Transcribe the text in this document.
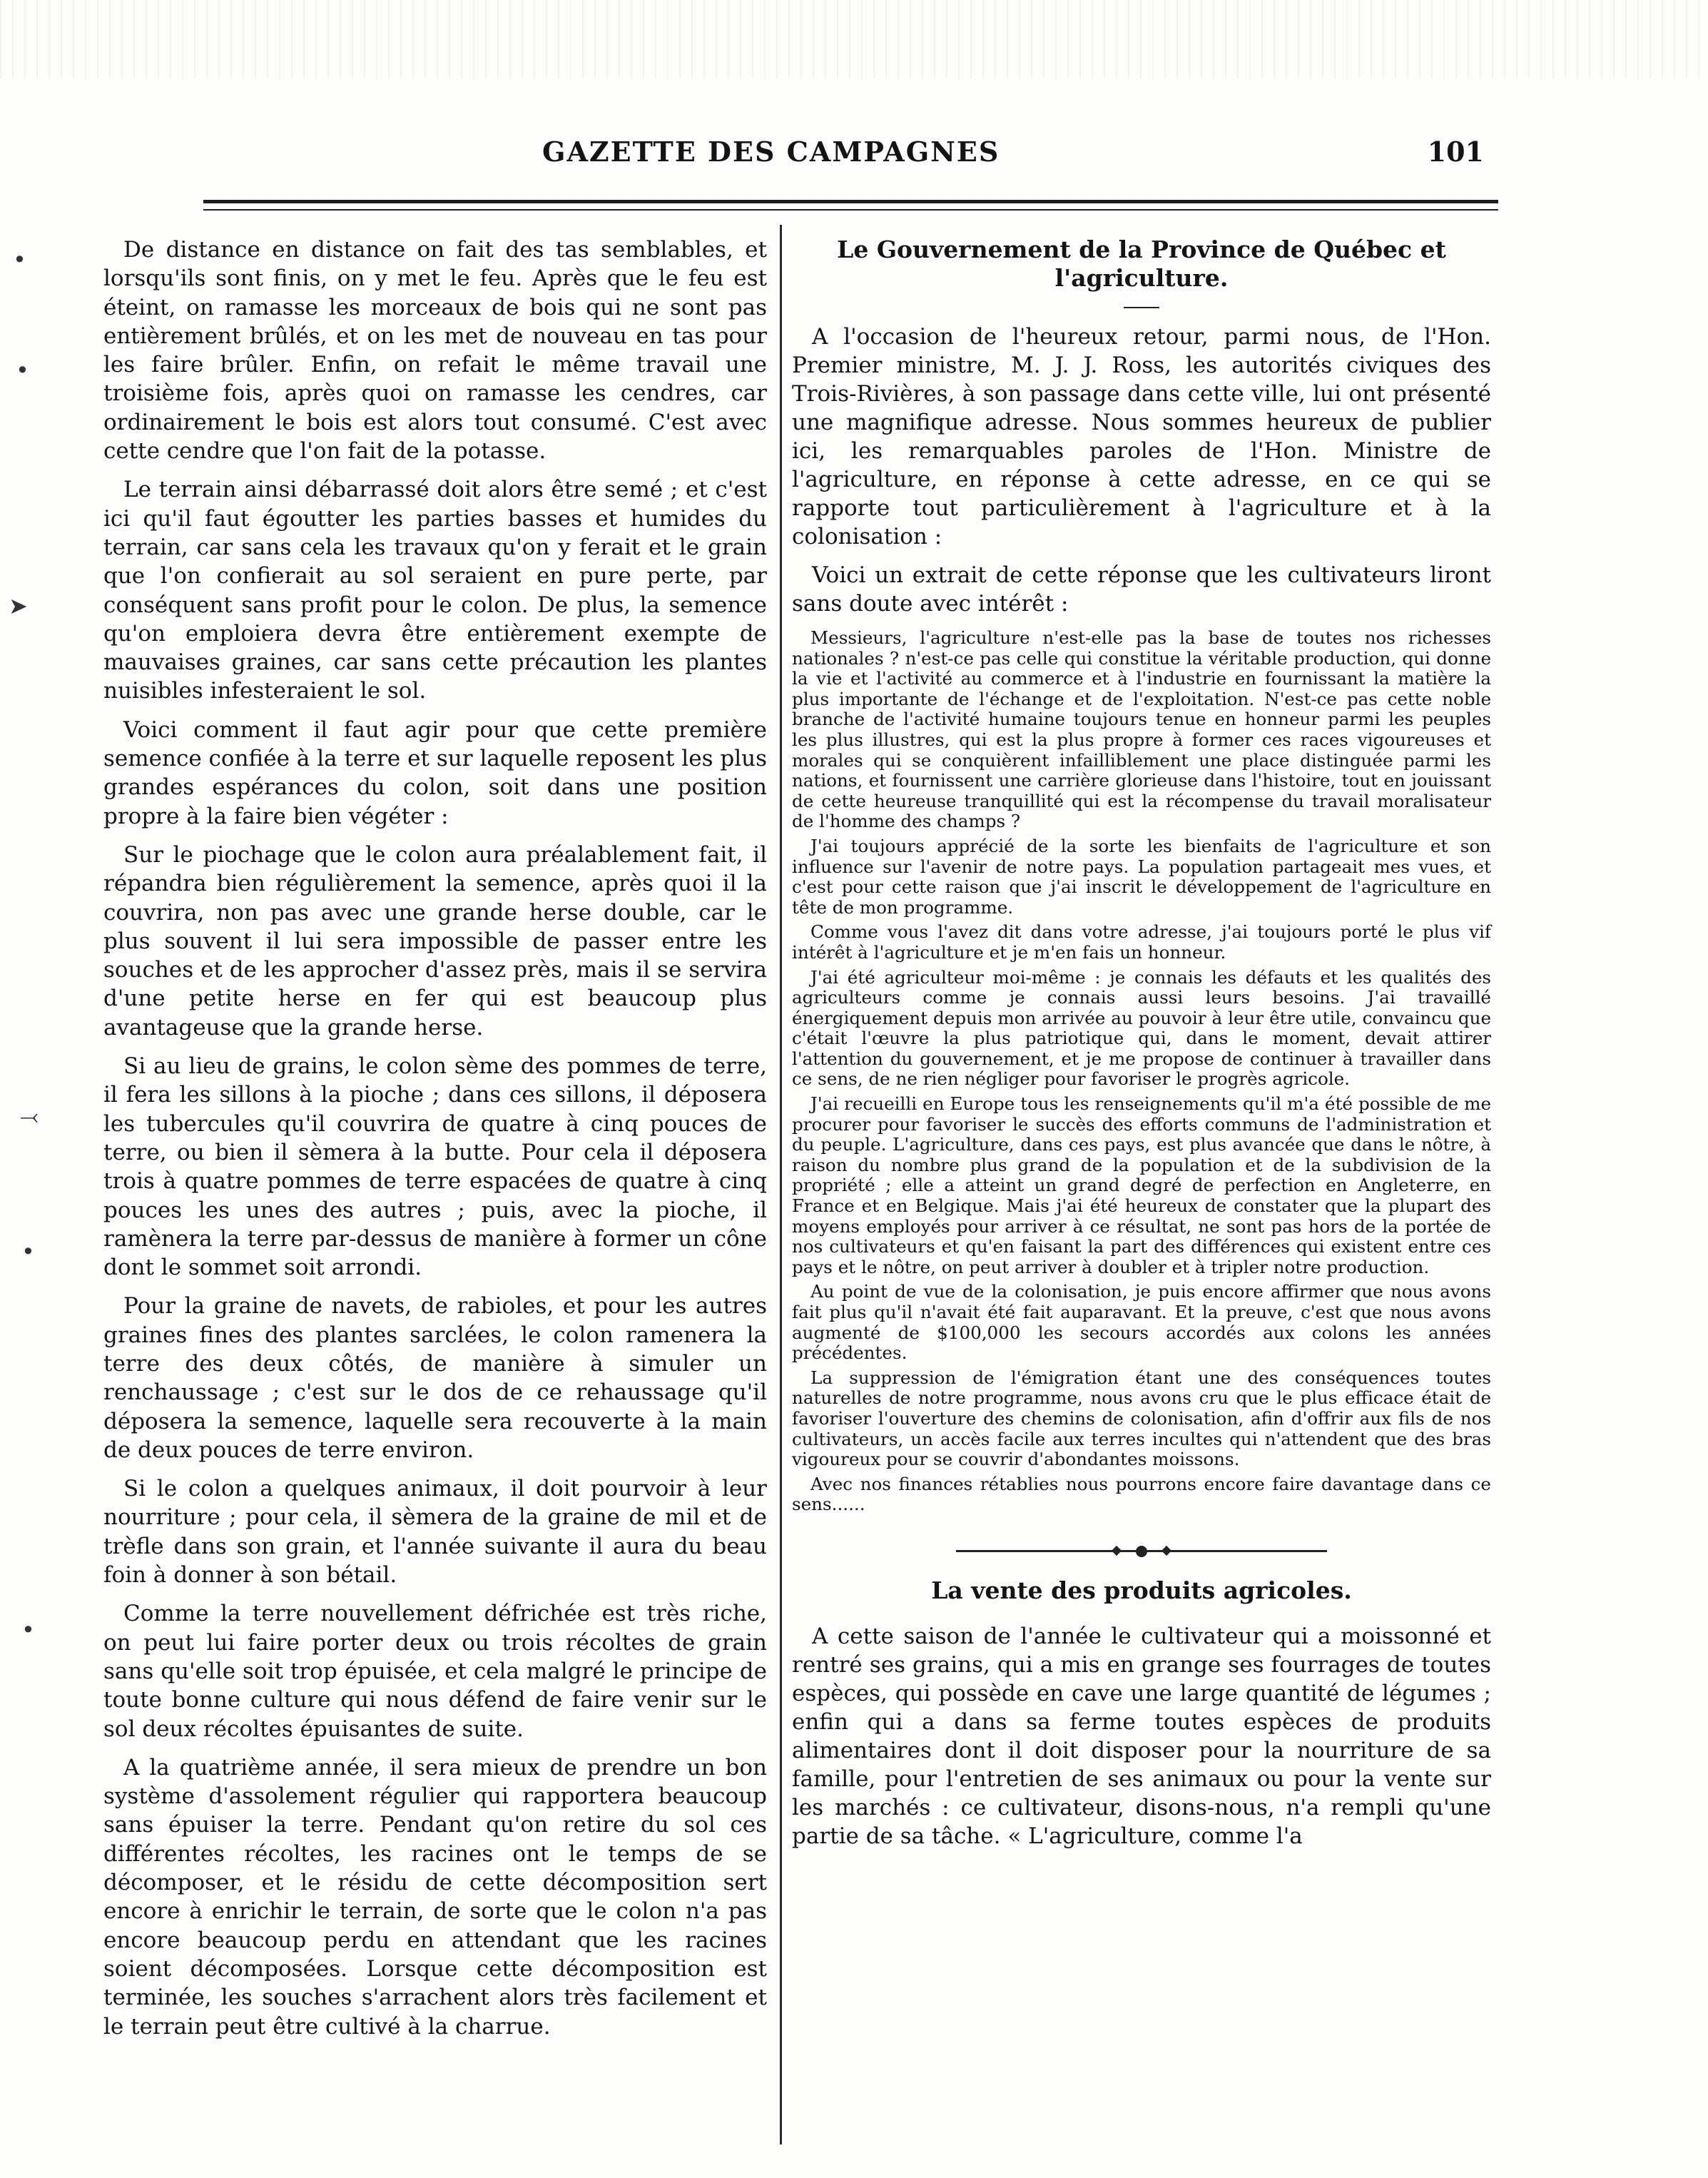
GAZETTE DES CAMPAGNES	101
•
•
➤
⤙
•
•

De distance en distance on fait des tas semblables, et lorsqu'ils sont finis, on y met le feu. Après que le feu est éteint, on ramasse les morceaux de bois qui ne sont pas entièrement brûlés, et on les met de nouveau en tas pour les faire brûler. Enfin, on refait le même travail une troisième fois, après quoi on ramasse les cendres, car ordinairement le bois est alors tout consumé. C'est avec cette cendre que l'on fait de la potasse.

Le terrain ainsi débarrassé doit alors être semé ; et c'est ici qu'il faut égoutter les parties basses et humides du terrain, car sans cela les travaux qu'on y ferait et le grain que l'on confierait au sol seraient en pure perte, par conséquent sans profit pour le colon. De plus, la semence qu'on emploiera devra être entièrement exempte de mauvaises graines, car sans cette précaution les plantes nuisibles infesteraient le sol.

Voici comment il faut agir pour que cette première semence confiée à la terre et sur laquelle reposent les plus grandes espérances du colon, soit dans une position propre à la faire bien végéter :

Sur le piochage que le colon aura préalablement fait, il répandra bien régulièrement la semence, après quoi il la couvrira, non pas avec une grande herse double, car le plus souvent il lui sera impossible de passer entre les souches et de les approcher d'assez près, mais il se servira d'une petite herse en fer qui est beaucoup plus avantageuse que la grande herse.

Si au lieu de grains, le colon sème des pommes de terre, il fera les sillons à la pioche ; dans ces sillons, il déposera les tubercules qu'il couvrira de quatre à cinq pouces de terre, ou bien il sèmera à la butte. Pour cela il déposera trois à quatre pommes de terre espacées de quatre à cinq pouces les unes des autres ; puis, avec la pioche, il ramènera la terre par-dessus de manière à former un cône dont le sommet soit arrondi.

Pour la graine de navets, de rabioles, et pour les autres graines fines des plantes sarclées, le colon ramenera la terre des deux côtés, de manière à simuler un renchaussage ; c'est sur le dos de ce rehaussage qu'il déposera la semence, laquelle sera recouverte à la main de deux pouces de terre environ.

Si le colon a quelques animaux, il doit pourvoir à leur nourriture ; pour cela, il sèmera de la graine de mil et de trèfle dans son grain, et l'année suivante il aura du beau foin à donner à son bétail.

Comme la terre nouvellement défrichée est très riche, on peut lui faire porter deux ou trois récoltes de grain sans qu'elle soit trop épuisée, et cela malgré le principe de toute bonne culture qui nous défend de faire venir sur le sol deux récoltes épuisantes de suite.

A la quatrième année, il sera mieux de prendre un bon système d'assolement régulier qui rapportera beaucoup sans épuiser la terre. Pendant qu'on retire du sol ces différentes récoltes, les racines ont le temps de se décomposer, et le résidu de cette décomposition sert encore à enrichir le terrain, de sorte que le colon n'a pas encore beaucoup perdu en attendant que les racines soient décomposées. Lorsque cette décomposition est terminée, les souches s'arrachent alors très facilement et le terrain peut être cultivé à la charrue.

Le Gouvernement de la Province de Québec et l'agriculture.

A l'occasion de l'heureux retour, parmi nous, de l'Hon. Premier ministre, M. J. J. Ross, les autorités civiques des Trois-Rivières, à son passage dans cette ville, lui ont présenté une magnifique adresse. Nous sommes heureux de publier ici, les remarquables paroles de l'Hon. Ministre de l'agriculture, en réponse à cette adresse, en ce qui se rapporte tout particulièrement à l'agriculture et à la colonisation :

Voici un extrait de cette réponse que les cultivateurs liront sans doute avec intérêt :

Messieurs, l'agriculture n'est-elle pas la base de toutes nos richesses nationales ? n'est-ce pas celle qui constitue la véritable production, qui donne la vie et l'activité au commerce et à l'industrie en fournissant la matière la plus importante de l'échange et de l'exploitation. N'est-ce pas cette noble branche de l'activité humaine toujours tenue en honneur parmi les peuples les plus illustres, qui est la plus propre à former ces races vigoureuses et morales qui se conquièrent infailliblement une place distinguée parmi les nations, et fournissent une carrière glorieuse dans l'histoire, tout en jouissant de cette heureuse tranquillité qui est la récompense du travail moralisateur de l'homme des champs ?

J'ai toujours apprécié de la sorte les bienfaits de l'agriculture et son influence sur l'avenir de notre pays. La population partageait mes vues, et c'est pour cette raison que j'ai inscrit le développement de l'agriculture en tête de mon programme.

Comme vous l'avez dit dans votre adresse, j'ai toujours porté le plus vif intérêt à l'agriculture et je m'en fais un honneur.

J'ai été agriculteur moi-même : je connais les défauts et les qualités des agriculteurs comme je connais aussi leurs besoins. J'ai travaillé énergiquement depuis mon arrivée au pouvoir à leur être utile, convaincu que c'était l'œuvre la plus patriotique qui, dans le moment, devait attirer l'attention du gouvernement, et je me propose de continuer à travailler dans ce sens, de ne rien négliger pour favoriser le progrès agricole.

J'ai recueilli en Europe tous les renseignements qu'il m'a été possible de me procurer pour favoriser le succès des efforts communs de l'administration et du peuple. L'agriculture, dans ces pays, est plus avancée que dans le nôtre, à raison du nombre plus grand de la population et de la subdivision de la propriété ; elle a atteint un grand degré de perfection en Angleterre, en France et en Belgique. Mais j'ai été heureux de constater que la plupart des moyens employés pour arriver à ce résultat, ne sont pas hors de la portée de nos cultivateurs et qu'en faisant la part des différences qui existent entre ces pays et le nôtre, on peut arriver à doubler et à tripler notre production.

Au point de vue de la colonisation, je puis encore affirmer que nous avons fait plus qu'il n'avait été fait auparavant. Et la preuve, c'est que nous avons augmenté de $100,000 les secours accordés aux colons les années précédentes.

La suppression de l'émigration étant une des conséquences toutes naturelles de notre programme, nous avons cru que le plus efficace était de favoriser l'ouverture des chemins de colonisation, afin d'offrir aux fils de nos cultivateurs, un accès facile aux terres incultes qui n'attendent que des bras vigoureux pour se couvrir d'abondantes moissons.

Avec nos finances rétablies nous pourrons encore faire davantage dans ce sens......

La vente des produits agricoles.

A cette saison de l'année le cultivateur qui a moissonné et rentré ses grains, qui a mis en grange ses fourrages de toutes espèces, qui possède en cave une large quantité de légumes ; enfin qui a dans sa ferme toutes espèces de produits alimentaires dont il doit disposer pour la nourriture de sa famille, pour l'entretien de ses animaux ou pour la vente sur les marchés : ce cultivateur, disons-nous, n'a rempli qu'une partie de sa tâche. « L'agriculture, comme l'a
